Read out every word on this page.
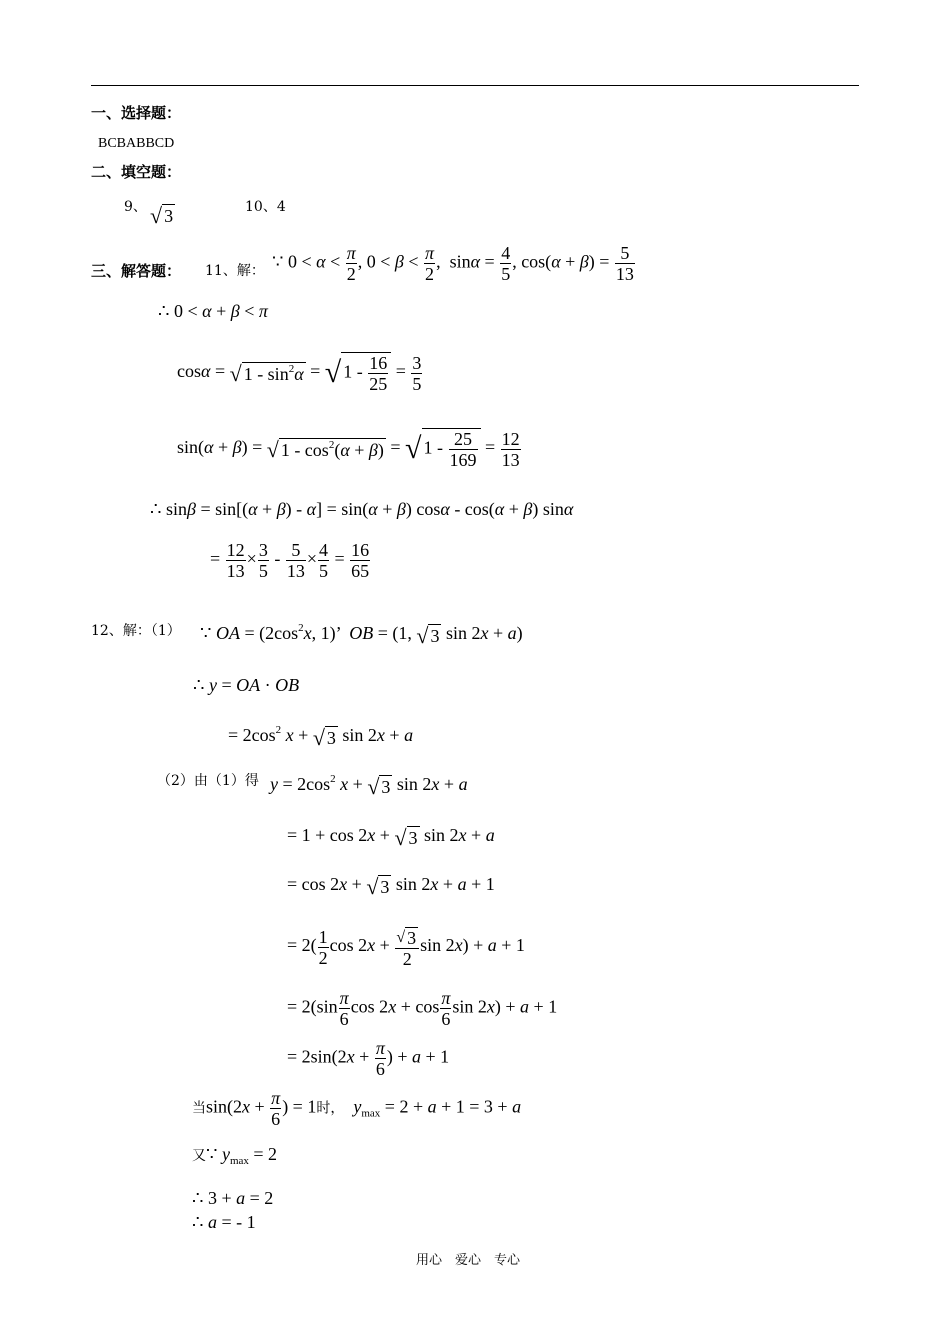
一、选择题：
BCBABBCD
二、填空题：
9、 √ 3	10、4
三、解答题： 11、解： ∵ $0 < \alpha < \frac{\pi}{2}$ , $0 < \beta < \frac{\pi}{2}$ ,  $\sin\alpha = \frac{4}{5}$ , $\cos(\alpha + \beta) = \frac{5}{13}$
∴ 0 < α + β < π
cosα = √ $1 - \sin^2\alpha$ = √ $1 - \frac{16}{25} = \frac{3}{5}$
sin(α + β) = √ $1 - \cos^2(\alpha + \beta)$ = √ $1 - \frac{25}{169} = \frac{12}{13}$
∴ sinβ = sin[(α + β) - α] = sin(α + β) cosα - cos(α + β) sinα
= $\frac{12}{13} \times \frac{3}{5} - \frac{5}{13} \times \frac{4}{5} = \frac{16}{65}$
12、解：（1） ∵ OA = ($2\cos^2x$, 1)’  OB = (1, √ 3 sin 2x + a)
∴ y = OA · OB
= $2\cos^2$ x + √ 3 sin 2x + a
（2）由（1）得 $y = 2\cos^2$ x + √ 3 sin 2x + a
= 1 + cos 2x + √ 3 sin 2x + a
= cos 2x + √ 3 sin 2x + a + 1
= $2( \frac{1}{2}$ $\cos 2x + \frac{√ 3}{2}$ sin 2x) + a + 1
= $2(\sin \frac{\pi}{6}$ $\cos 2x + \cos \frac{\pi}{6}$ sin 2x) + a + 1
= $2\sin(2x + \frac{\pi}{6}$ ) + a + 1
当$\sin(2x + \frac{\pi}{6}$ ) = 1时， $y_{max} = 2 + a + 1 = 3 + a$
又∵ $y_{max} = 2$
∴ 3 + a = 2
∴ a = - 1
用心　爱心　专心
